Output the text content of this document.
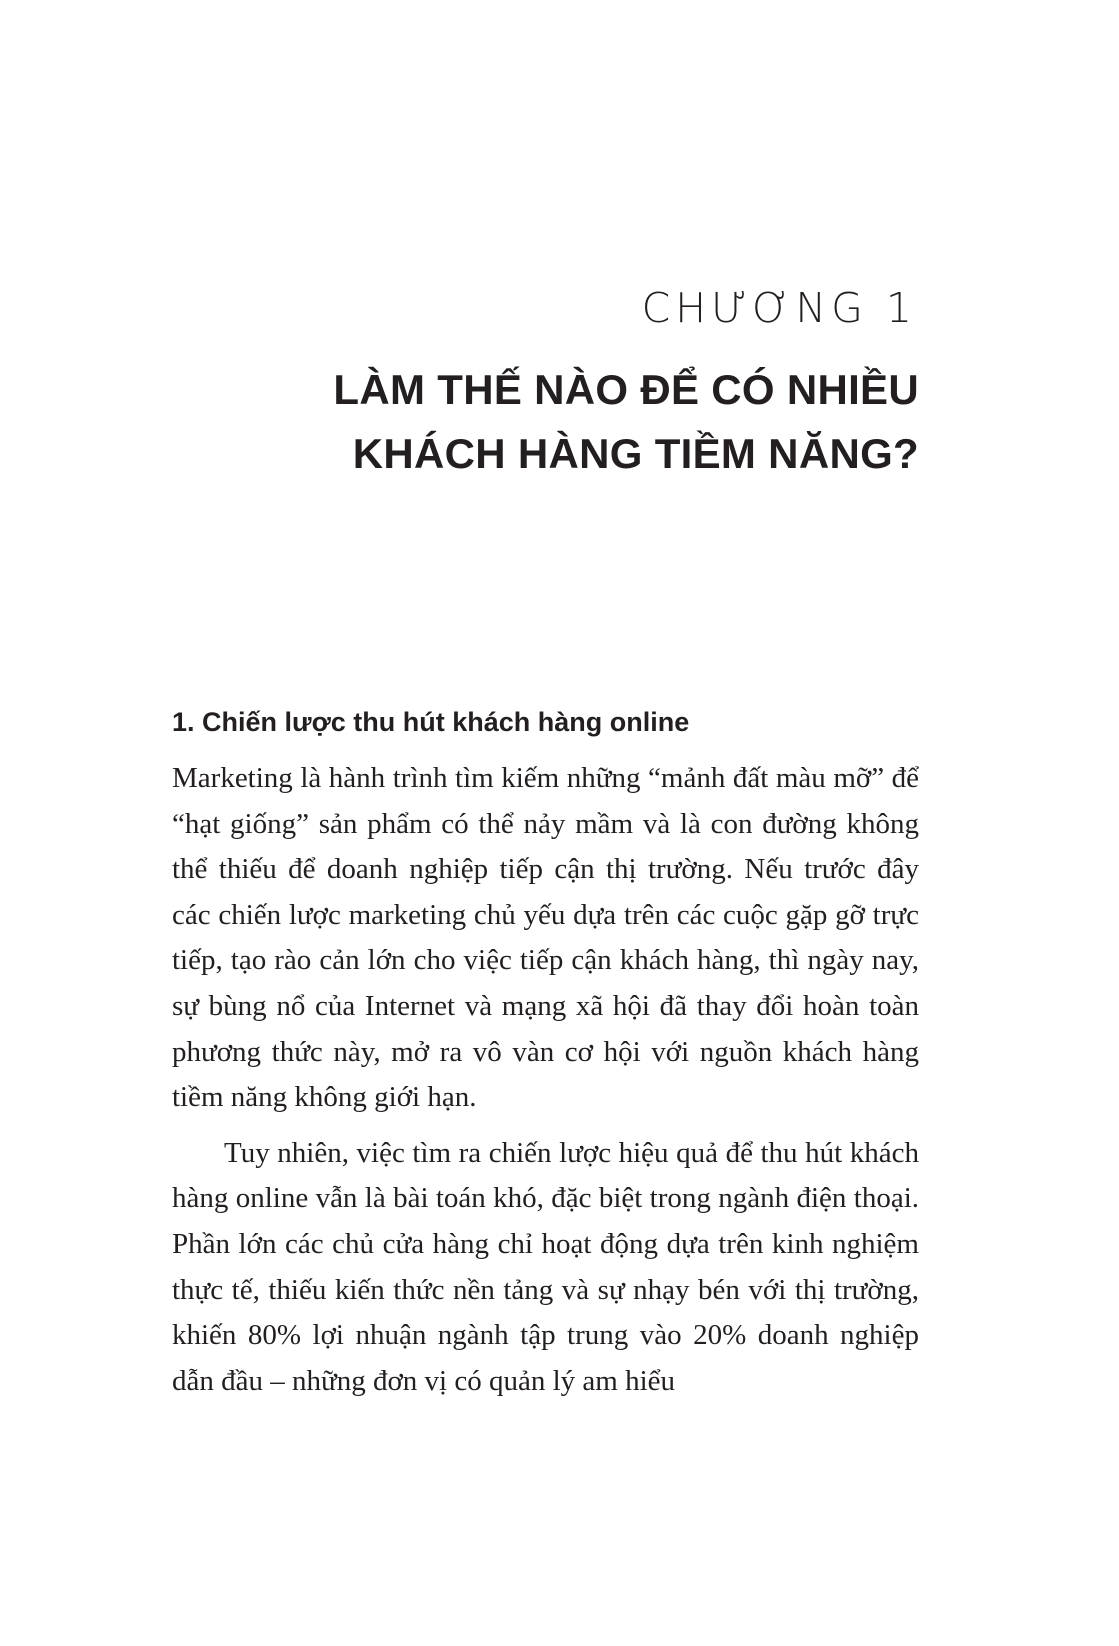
CHƯƠNG 1

LÀM THẾ NÀO ĐỂ CÓ NHIỀU
KHÁCH HÀNG TIỀM NĂNG?
1. Chiến lược thu hút khách hàng online

Marketing là hành trình tìm kiếm những “mảnh đất màu mỡ” để “hạt giống” sản phẩm có thể nảy mầm và là con đường không thể thiếu để doanh nghiệp tiếp cận thị trường. Nếu trước đây các chiến lược marketing chủ yếu dựa trên các cuộc gặp gỡ trực tiếp, tạo rào cản lớn cho việc tiếp cận khách hàng, thì ngày nay, sự bùng nổ của Internet và mạng xã hội đã thay đổi hoàn toàn phương thức này, mở ra vô vàn cơ hội với nguồn khách hàng tiềm năng không giới hạn.

Tuy nhiên, việc tìm ra chiến lược hiệu quả để thu hút khách hàng online vẫn là bài toán khó, đặc biệt trong ngành điện thoại. Phần lớn các chủ cửa hàng chỉ hoạt động dựa trên kinh nghiệm thực tế, thiếu kiến thức nền tảng và sự nhạy bén với thị trường, khiến 80% lợi nhuận ngành tập trung vào 20% doanh nghiệp dẫn đầu – những đơn vị có quản lý am hiểu
